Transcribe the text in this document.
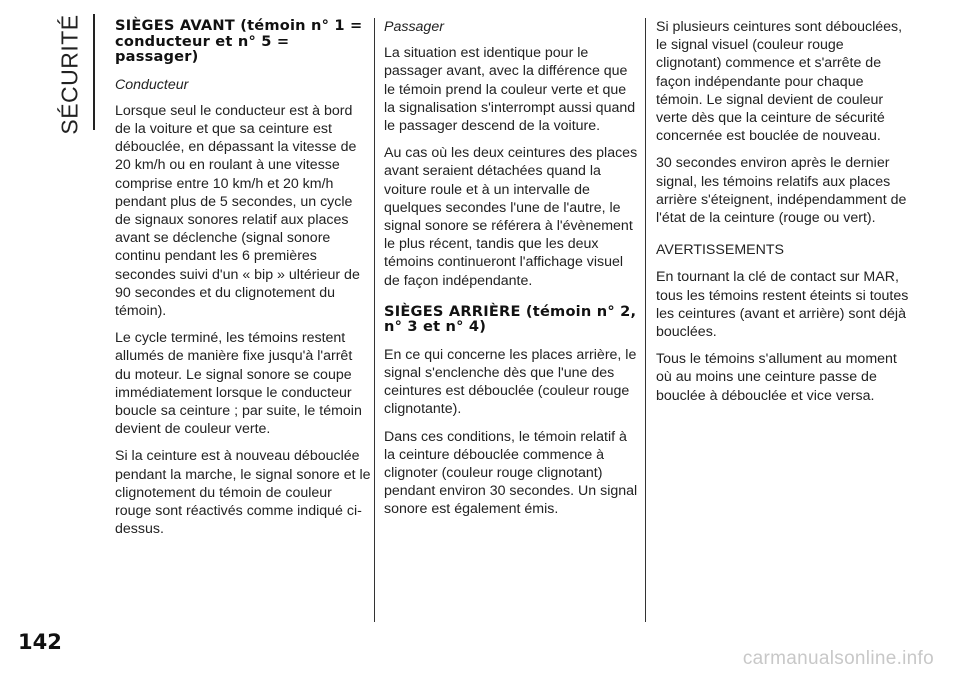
SÉCURITÉ SIÈGES AVANT (témoin n° 1 = conducteur et n° 5 = passager)

Conducteur

Lorsque seul le conducteur est à bord de la voiture et que sa ceinture est débouclée, en dépassant la vitesse de 20 km/h ou en roulant à une vitesse comprise entre 10 km/h et 20 km/h pendant plus de 5 secondes, un cycle de signaux sonores relatif aux places avant se déclenche (signal sonore continu pendant les 6 premières secondes suivi d'un « bip » ultérieur de 90 secondes et du clignotement du témoin).

Le cycle terminé, les témoins restent allumés de manière fixe jusqu'à l'arrêt du moteur. Le signal sonore se coupe immédiatement lorsque le conducteur boucle sa ceinture ; par suite, le témoin devient de couleur verte.

Si la ceinture est à nouveau débouclée pendant la marche, le signal sonore et le clignotement du témoin de couleur rouge sont réactivés comme indiqué ci-dessus.

Passager

La situation est identique pour le passager avant, avec la différence que le témoin prend la couleur verte et que la signalisation s'interrompt aussi quand le passager descend de la voiture.

Au cas où les deux ceintures des places avant seraient détachées quand la voiture roule et à un intervalle de quelques secondes l'une de l'autre, le signal sonore se référera à l'évènement le plus récent, tandis que les deux témoins continueront l'affichage visuel de façon indépendante.

SIÈGES ARRIÈRE (témoin n° 2, n° 3 et n° 4)

En ce qui concerne les places arrière, le signal s'enclenche dès que l'une des ceintures est débouclée (couleur rouge clignotante).

Dans ces conditions, le témoin relatif à la ceinture débouclée commence à clignoter (couleur rouge clignotant) pendant environ 30 secondes. Un signal sonore est également émis.

Si plusieurs ceintures sont débouclées, le signal visuel (couleur rouge clignotant) commence et s'arrête de façon indépendante pour chaque témoin. Le signal devient de couleur verte dès que la ceinture de sécurité concernée est bouclée de nouveau.

30 secondes environ après le dernier signal, les témoins relatifs aux places arrière s'éteignent, indépendamment de l'état de la ceinture (rouge ou vert).

AVERTISSEMENTS

En tournant la clé de contact sur MAR, tous les témoins restent éteints si toutes les ceintures (avant et arrière) sont déjà bouclées.

Tous le témoins s'allument au moment où au moins une ceinture passe de bouclée à débouclée et vice versa.

142
carmanualsonline.info
